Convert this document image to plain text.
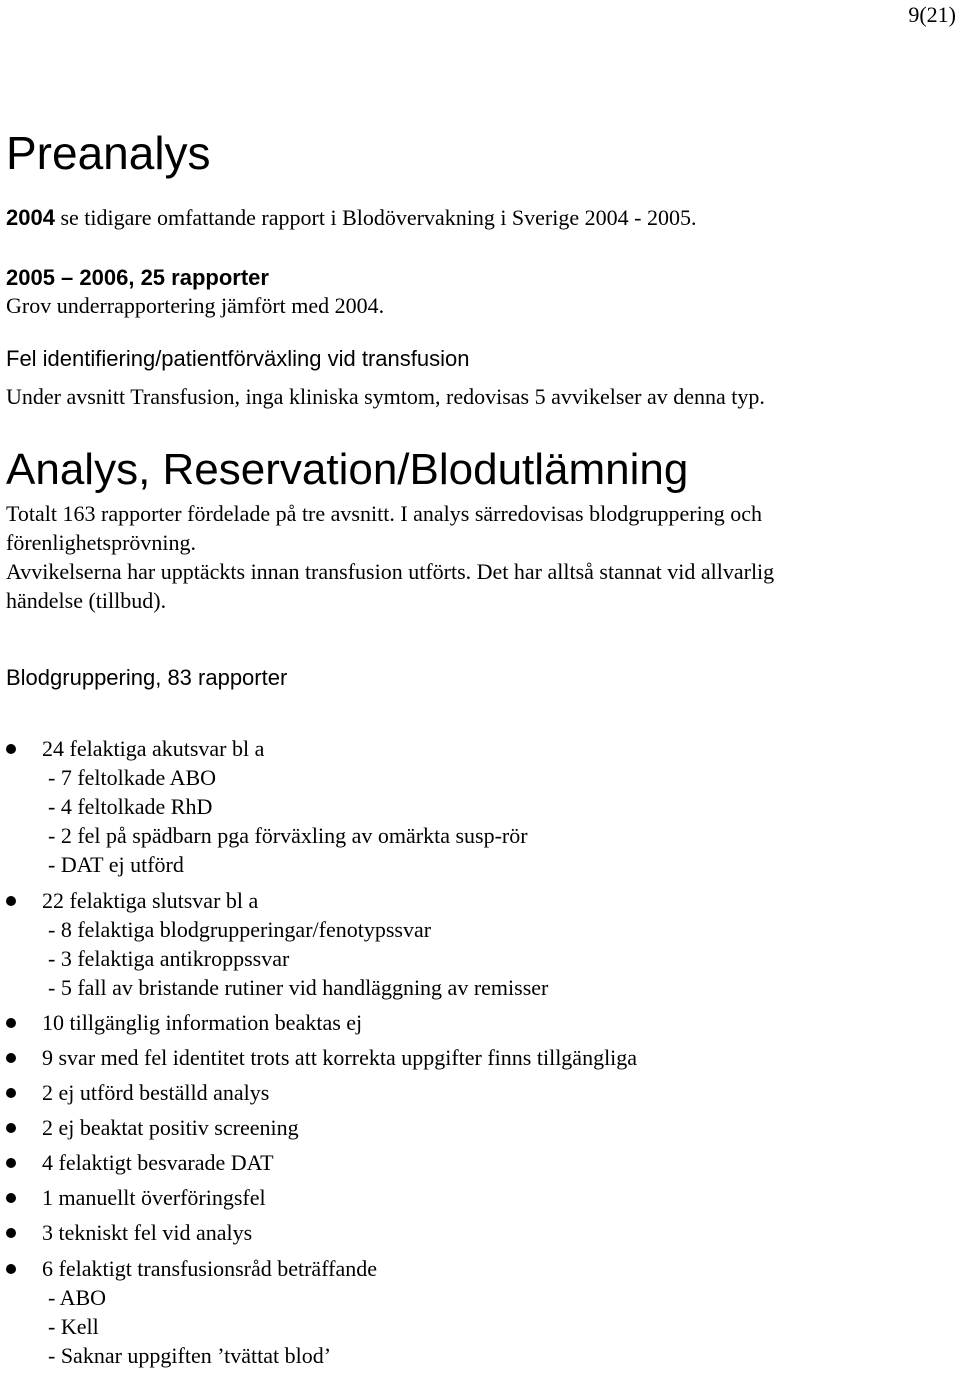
9(21)
Preanalys
2004 se tidigare omfattande rapport i Blodövervakning i Sverige 2004 - 2005.
2005 – 2006, 25 rapporter
Grov underrapportering jämfört med 2004.
Fel identifiering/patientförväxling vid transfusion
Under avsnitt Transfusion, inga kliniska symtom, redovisas 5 avvikelser av denna typ.
Analys, Reservation/Blodutlämning
Totalt 163 rapporter fördelade på tre avsnitt. I analys särredovisas blodgruppering och
förenlighetsprövning.
Avvikelserna har upptäckts innan transfusion utförts. Det har alltså stannat vid allvarlig
händelse (tillbud).
Blodgruppering, 83 rapporter
24 felaktiga akutsvar bl a
- 7 feltolkade ABO
- 4 feltolkade RhD
- 2 fel på spädbarn pga förväxling av omärkta susp-rör
- DAT ej utförd
22 felaktiga slutsvar bl a
- 8 felaktiga blodgrupperingar/fenotypssvar
- 3 felaktiga antikroppssvar
- 5 fall av bristande rutiner vid handläggning av remisser
10 tillgänglig information beaktas ej
9 svar med fel identitet trots att korrekta uppgifter finns tillgängliga
2 ej utförd beställd analys
2 ej beaktat positiv screening
4 felaktigt besvarade DAT
1 manuellt överföringsfel
3 tekniskt fel vid analys
6 felaktigt transfusionsråd beträffande
- ABO
- Kell
- Saknar uppgiften ’tvättat blod’
